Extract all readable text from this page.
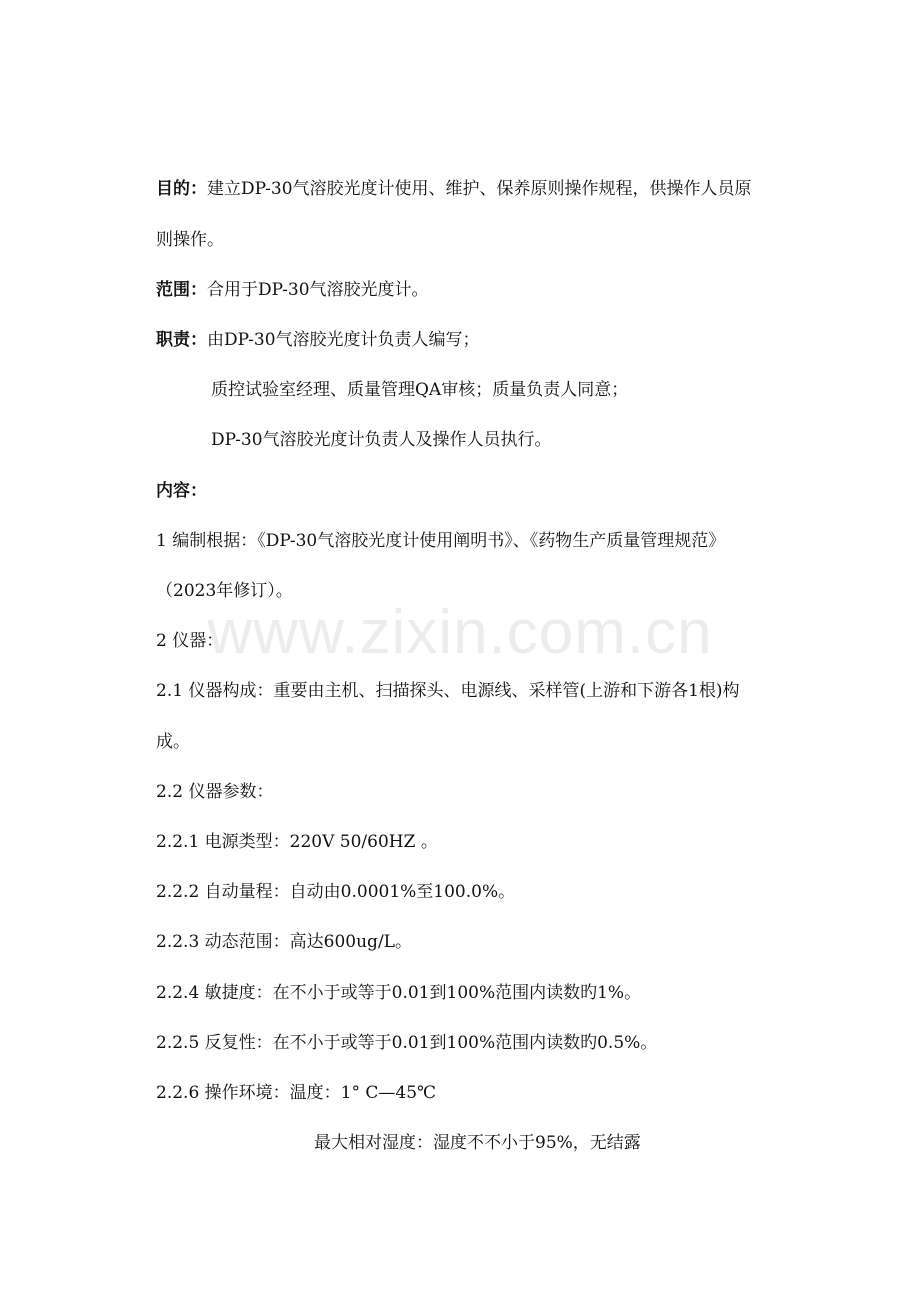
www.zixin.com.cn
目的：建立DP-30气溶胶光度计使用、维护、保养原则操作规程，供操作人员原
则操作。
范围：合用于DP-30气溶胶光度计。
职责：由DP-30气溶胶光度计负责人编写；
质控试验室经理、质量管理QA审核；质量负责人同意；
DP-30气溶胶光度计负责人及操作人员执行。
内容：
1 编制根据：《DP-30气溶胶光度计使用阐明书》、《药物生产质量管理规范》
（2023年修订）。
2 仪器：
2.1 仪器构成：重要由主机、扫描探头、电源线、采样管(上游和下游各1根)构
成。
2.2 仪器参数：
2.2.1 电源类型：220V 50/60HZ 。
2.2.2 自动量程：自动由0.0001%至100.0%。
2.2.3 动态范围：高达600ug/L。
2.2.4 敏捷度：在不小于或等于0.01到100%范围内读数旳1%。
2.2.5 反复性：在不小于或等于0.01到100%范围内读数旳0.5%。
2.2.6 操作环境：温度：1° C—45℃
最大相对湿度：湿度不不小于95%，无结露
